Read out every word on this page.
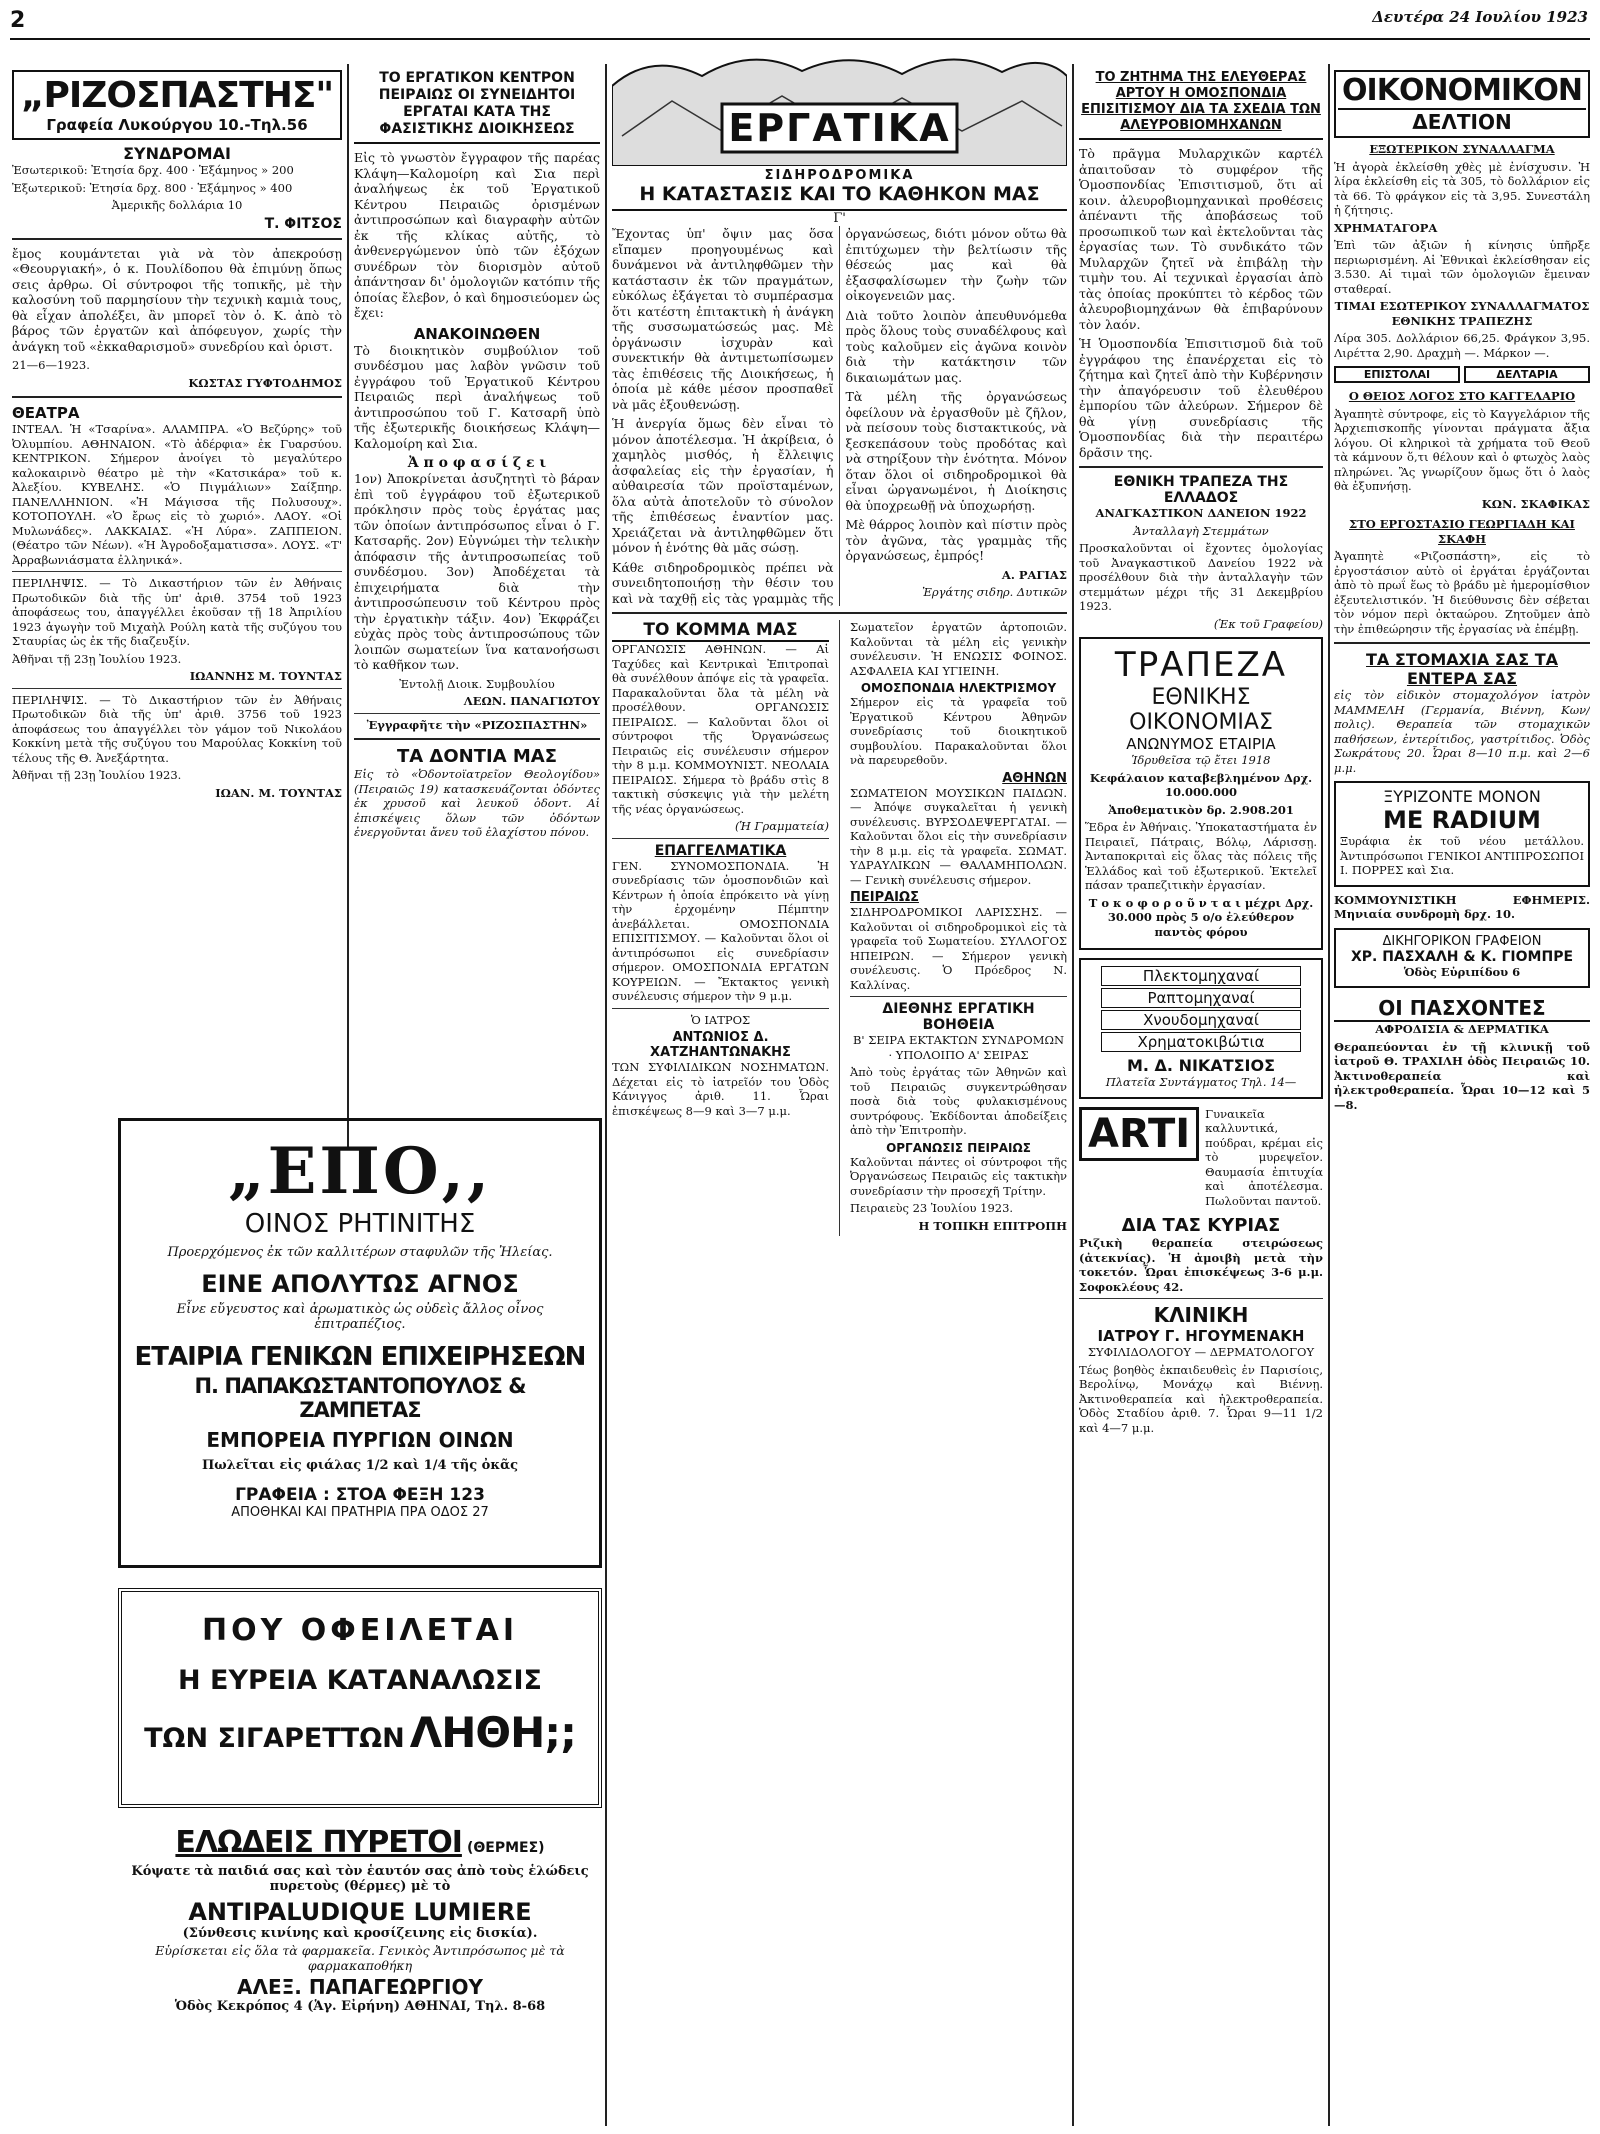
2	Δευτέρα 24 Ιουλίου 1923
„ΡΙΖΟΣΠΑΣΤΗΣ"
Γραφεία Λυκούργου 10.-Τηλ.56
ΣΥΝΔΡΟΜΑΙ
Ἐσωτερικοῦ: Ἐτησία δρχ. 400 · Ἑξάμηνος » 200
Ἐξωτερικοῦ: Ἐτησία δρχ. 800 · Ἑξάμηνος » 400
Ἀμερικῆς δολλάρια 10
Τ. ΦΙΤΣΟΣ

ἔμος κουμάντεται γιὰ νὰ τὸν ἀπεκρούσῃ «Θεουργιακή», ὁ κ. Πουλίδοπου θὰ ἐπιμύνῃ ὅπως σεις ἀρθρω. Οἱ σύντροφοι τῆς τοπικῆς, μὲ τὴν καλοσύνη τοῦ παρμησίουν τὴν τεχνικὴ καμιὰ τους, θὰ εἶχαν ἀπολέξει, ἂν μπορεῖ τὸν ὁ. Κ. ἀπὸ τὸ βάρος τῶν ἐργατῶν καὶ ἀπόφευγον, χωρίς τὴν ἀνάγκη τοῦ «ἐκκαθαρισμοῦ» συνεδρίου καὶ ὁριστ.

21—6—1923.
ΚΩΣΤΑΣ ΓΥΦΤΟΔΗΜΟΣ
ΘΕΑΤΡΑ

ΙΝΤΕΑΛ. Ἡ «Τσαρίνα». ΑΛΑΜΠΡΑ. «Ὁ Βεζύρης» τοῦ Ὀλυμπίου. ΑΘΗΝΑΙΟΝ. «Τὸ ἀδέρφια» ἐκ Γυαρσύου. ΚΕΝΤΡΙΚΟΝ. Σήμερον ἀνοίγει τὸ μεγαλύτερο καλοκαιρινὸ θέατρο μὲ τὴν «Κατσικάρα» τοῦ κ. Ἀλεξίου. ΚΥΒΕΛΗΣ. «Ὁ Πιγμάλιων» Σαίξπηρ. ΠΑΝΕΛΛΗΝΙΟΝ. «Ἡ Μάγισσα τῆς Πολυσουχ». ΚΟΤΟΠΟΥΛΗ. «Ὁ ἔρως εἰς τὸ χωριό». ΛΑΟΥ. «Οἱ Μυλωνάδες». ΛΑΚΚΑΙΑΣ. «Ἡ Λύρα». ΖΑΠΠΕΙΟΝ. (Θέατρο τῶν Νέων). «Ἡ Ἀγροδοξαματισσα». ΛΟΥΣ. «Τ' Ἀρραβωνιάσματα ἐλληνικά».

ΠΕΡΙΛΗΨΙΣ. — Τὸ Δικαστήριον τῶν ἐν Ἀθήναις Πρωτοδικῶν διὰ τῆς ὑπ' ἀριθ. 3754 τοῦ 1923 ἀποφάσεως του, ἀπαγγέλλει ἑκοῦσαν τῇ 18 Ἀπριλίου 1923 ἀγωγὴν τοῦ Μιχαὴλ Ρούλη κατὰ τῆς συζύγου του Σταυρίας ὡς ἐκ τῆς διαζευξίν.

Ἀθῆναι τῇ 23ῃ Ἰουλίου 1923.
ΙΩΑΝΝΗΣ Μ. ΤΟΥΝΤΑΣ

ΠΕΡΙΛΗΨΙΣ. — Τὸ Δικαστήριον τῶν ἐν Ἀθήναις Πρωτοδικῶν διὰ τῆς ὑπ' ἀριθ. 3756 τοῦ 1923 ἀποφάσεως του ἀπαγγέλλει τὸν γάμον τοῦ Νικολάου Κοκκίνη μετὰ τῆς συζύγου του Μαρούλας Κοκκίνη τοῦ τέλους τῆς Θ. Ἀνεξάρτητα.

Ἀθῆναι τῇ 23ῃ Ἰουλίου 1923.
ΙΩΑΝ. Μ. ΤΟΥΝΤΑΣ
ΤΟ ΕΡΓΑΤΙΚΟΝ ΚΕΝΤΡΟΝ ΠΕΙΡΑΙΩΣ ΟΙ ΣΥΝΕΙΔΗΤΟΙ ΕΡΓΑΤΑΙ ΚΑΤΑ ΤΗΣ ΦΑΣΙΣΤΙΚΗΣ ΔΙΟΙΚΗΣΕΩΣ

Εἰς τὸ γνωστὸν ἔγγραφον τῆς παρέας Κλάψη—Καλομοίρη καὶ Σια περὶ ἀναλήψεως ἐκ τοῦ Ἐργατικοῦ Κέντρου Πειραιῶς ὁρισμένων ἀντιπροσώπων καὶ διαγραφὴν αὐτῶν ἐκ τῆς κλίκας αὐτῆς, τὸ ἀνθενεργώμενον ὑπὸ τῶν ἐξόχων συνέδρων τὸν διορισμὸν αὐτοῦ ἀπάντησαν δι' ὁμολογιῶν κατόπιν τῆς ὁποίας ἔλεβον, ὁ καὶ δημοσιεύομεν ὡς ἔχει:

ΑΝΑΚΟΙΝΩΘΕΝ

Τὸ διοικητικὸν συμβούλιον τοῦ συνδέσμου μας λαβὸν γνῶσιν τοῦ ἐγγράφου τοῦ Ἐργατικοῦ Κέντρου Πειραιῶς περὶ ἀναλήψεως τοῦ ἀντιπροσώπου τοῦ Γ. Κατσαρῆ ὑπὸ τῆς ἐξωτερικῆς διοικήσεως Κλάψη—Καλομοίρη καὶ Σια.

Ἀ π ο φ α σ ί ζ ε ι

1ον) Ἀποκρίνεται ἀσυζητητὶ τὸ βάραν ἐπὶ τοῦ ἐγγράφου τοῦ ἐξωτερικοῦ πρόκλησιν πρὸς τοὺς ἐργάτας μας τῶν ὁποίων ἀντιπρόσωπος εἶναι ὁ Γ. Κατσαρῆς. 2ον) Εὐγνώμει τὴν τελικὴν ἀπόφασιν τῆς ἀντιπροσωπείας τοῦ συνδέσμου. 3ον) Ἀποδέχεται τὰ ἐπιχειρήματα διὰ τὴν ἀντιπροσώπευσιν τοῦ Κέντρου πρὸς τὴν ἐργατικὴν τάξιν. 4ον) Ἐκφράζει εὐχὰς πρὸς τοὺς ἀντιπροσώπους τῶν λοιπῶν σωματείων ἵνα κατανοήσωσι τὸ καθῆκον των.

Ἐντολῇ Διοικ. Συμβουλίου
ΛΕΩΝ. ΠΑΝΑΓΙΩΤΟΥ
Ἐγγραφῆτε τὴν «ΡΙΖΟΣΠΑΣΤΗΝ»
ΤΑ ΔΟΝΤΙΑ ΜΑΣ

Εἰς τὸ «Ὀδοντοϊατρεῖον Θεολογίδου» (Πειραιῶς 19) κατασκευάζονται ὀδόντες ἐκ χρυσοῦ καὶ λευκοῦ ὀδοντ. Αἱ ἐπισκέψεις ὅλων τῶν ὀδόντων ἐνεργοῦνται ἄνευ τοῦ ἐλαχίστου πόνου.

„ΕΠΟ,,
ΟΙΝΟΣ ΡΗΤΙΝΙΤΗΣ
Προερχόμενος ἐκ τῶν καλλιτέρων σταφυλῶν τῆς Ἠλείας.
ΕΙΝΕ ΑΠΟΛΥΤΩΣ ΑΓΝΟΣ
Εἶνε εὔγευστος καὶ ἀρωματικὸς ὡς οὐδεὶς ἄλλος οἶνος ἐπιτραπέζιος.
ΕΤΑΙΡΙΑ ΓΕΝΙΚΩΝ ΕΠΙΧΕΙΡΗΣΕΩΝ
Π. ΠΑΠΑΚΩΣΤΑΝΤΟΠΟΥΛΟΣ & ΖΑΜΠΕΤΑΣ
ΕΜΠΟΡΕΙΑ ΠΥΡΓΙΩΝ ΟΙΝΩΝ
Πωλεῖται εἰς φιάλας 1/2 καὶ 1/4 τῆς ὀκᾶς
ΓΡΑΦΕΙΑ : ΣΤΟΑ ΦΕΞΗ 123
ΑΠΟΘΗΚΑΙ ΚΑΙ ΠΡΑΤΗΡΙΑ ΠΡΑ ΟΔΟΣ 27
ΠΟΥ ΟΦΕΙΛΕΤΑΙ
Η ΕΥΡΕΙΑ ΚΑΤΑΝΑΛΩΣΙΣ
ΤΩΝ ΣΙΓΑΡΕΤΤΩΝ ΛΗΘΗ;;
ΕΛΩΔΕΙΣ ΠΥΡΕΤΟΙ (ΘΕΡΜΕΣ)
Κόψατε τὰ παιδιά σας καὶ τὸν ἑαυτόν σας ἀπὸ τοὺς ἑλώδεις πυρετοὺς (θέρμες) μὲ τὸ
ANTIPALUDIQUE LUMIERE
(Σύνθεσις κινίνης καὶ κροσίζεινης εἰς δισκία).
Εὑρίσκεται εἰς ὅλα τὰ φαρμακεῖα. Γενικὸς Ἀντιπρόσωπος μὲ τὰ φαρμακαποθήκη
ΑΛΕΞ. ΠΑΠΑΓΕΩΡΓΙΟΥ
Ὁδὸς Κεκρόπος 4 (Ἁγ. Εἰρήνη) ΑΘΗΝΑΙ, Τηλ. 8-68
ΕΡΓΑΤΙΚΑ
ΣΙΔΗΡΟΔΡΟΜΙΚΑ
Η ΚΑΤΑΣΤΑΣΙΣ ΚΑΙ ΤΟ ΚΑΘΗΚΟΝ ΜΑΣ
Γ'

Ἔχοντας ὑπ' ὄψιν μας ὅσα εἴπαμεν προηγουμένως καὶ δυνάμενοι νὰ ἀντιληφθῶμεν τὴν κατάστασιν ἐκ τῶν πραγμάτων, εὐκόλως ἐξάγεται τὸ συμπέρασμα ὅτι κατέστη ἐπιτακτικὴ ἡ ἀνάγκη τῆς συσσωματώσεώς μας. Μὲ ὀργάνωσιν ἰσχυρὰν καὶ συνεκτικήν θὰ ἀντιμετωπίσωμεν τὰς ἐπιθέσεις τῆς Διοικήσεως, ἡ ὁποία μὲ κάθε μέσον προσπαθεῖ νὰ μᾶς ἐξουθενώσῃ.

Ἡ ἀνεργία ὅμως δὲν εἶναι τὸ μόνον ἀποτέλεσμα. Ἡ ἀκρίβεια, ὁ χαμηλὸς μισθός, ἡ ἔλλειψις ἀσφαλείας εἰς τὴν ἐργασίαν, ἡ αὐθαιρεσία τῶν προϊσταμένων, ὅλα αὐτὰ ἀποτελοῦν τὸ σύνολον τῆς ἐπιθέσεως ἐναντίον μας. Χρειάζεται νὰ ἀντιληφθῶμεν ὅτι μόνον ἡ ἑνότης θὰ μᾶς σώσῃ.

Κάθε σιδηροδρομικὸς πρέπει νὰ συνειδητοποιήσῃ τὴν θέσιν του καὶ νὰ ταχθῇ εἰς τὰς γραμμὰς τῆς ὀργανώσεως, διότι μόνον οὕτω θὰ ἐπιτύχωμεν τὴν βελτίωσιν τῆς θέσεώς μας καὶ θὰ ἐξασφαλίσωμεν τὴν ζωὴν τῶν οἰκογενειῶν μας.

Διὰ τοῦτο λοιπὸν ἀπευθυνόμεθα πρὸς ὅλους τοὺς συναδέλφους καὶ τοὺς καλοῦμεν εἰς ἀγῶνα κοινὸν διὰ τὴν κατάκτησιν τῶν δικαιωμάτων μας.

Τὰ μέλη τῆς ὀργανώσεως ὀφείλουν νὰ ἐργασθοῦν μὲ ζῆλον, νὰ πείσουν τοὺς διστακτικούς, νὰ ξεσκεπάσουν τοὺς προδότας καὶ νὰ στηρίξουν τὴν ἑνότητα. Μόνον ὅταν ὅλοι οἱ σιδηροδρομικοὶ θὰ εἶναι ὠργανωμένοι, ἡ Διοίκησις θὰ ὑποχρεωθῇ νὰ ὑποχωρήσῃ.

Μὲ θάρρος λοιπὸν καὶ πίστιν πρὸς τὸν ἀγῶνα, τὰς γραμμὰς τῆς ὀργανώσεως, ἐμπρός!

Α. ΡΑΓΙΑΣ
Ἐργάτης σιδηρ. Δυτικῶν
ΤΟ ΚΟΜΜΑ ΜΑΣ

ΟΡΓΑΝΩΣΙΣ ΑΘΗΝΩΝ. — Αἱ Ταχύδες καὶ Κεντρικαὶ Ἐπιτροπαὶ θὰ συνέλθουν ἀπόψε εἰς τὰ γραφεῖα. Παρακαλοῦνται ὅλα τὰ μέλη νὰ προσέλθουν. ΟΡΓΑΝΩΣΙΣ ΠΕΙΡΑΙΩΣ. — Καλοῦνται ὅλοι οἱ σύντροφοι τῆς Ὀργανώσεως Πειραιῶς εἰς συνέλευσιν σήμερον τὴν 8 μ.μ. ΚΟΜΜΟΥΝΙΣΤ. ΝΕΟΛΑΙΑ ΠΕΙΡΑΙΩΣ. Σήμερα τὸ βράδυ στὶς 8 τακτικὴ σύσκεψις γιὰ τὴν μελέτη τῆς νέας ὀργανώσεως.

(Ἡ Γραμματεία)
ΕΠΑΓΓΕΛΜΑΤΙΚΑ

ΓΕΝ. ΣΥΝΟΜΟΣΠΟΝΔΙΑ. Ἡ συνεδρίασις τῶν ὁμοσπονδιῶν καὶ Κέντρων ἡ ὁποία ἐπρόκειτο νὰ γίνῃ τὴν ἐρχομένην Πέμπτην ἀνεβάλλεται. ΟΜΟΣΠΟΝΔΙΑ ΕΠΙΣΙΤΙΣΜΟΥ. — Καλοῦνται ὅλοι οἱ ἀντιπρόσωποι εἰς συνεδρίασιν σήμερον. ΟΜΟΣΠΟΝΔΙΑ ΕΡΓΑΤΩΝ ΚΟΥΡΕΙΩΝ. — Ἔκτακτος γενικὴ συνέλευσις σήμερον τὴν 9 μ.μ.

Ὁ ΙΑΤΡΟΣ
ΑΝΤΩΝΙΟΣ Δ. ΧΑΤΖΗΑΝΤΩΝΑΚΗΣ

ΤΩΝ ΣΥΦΙΛΙΔΙΚΩΝ ΝΟΣΗΜΑΤΩΝ. Δέχεται εἰς τὸ ἰατρεῖόν του Ὁδὸς Κάνιγγος ἀριθ. 11. Ὧραι ἐπισκέψεως 8—9 καὶ 3—7 μ.μ.

Σωματεῖον ἐργατῶν ἀρτοποιῶν. Καλοῦνται τὰ μέλη εἰς γενικὴν συνέλευσιν. Ἡ ΕΝΩΣΙΣ ΦΟΙΝΟΣ. ΑΣΦΑΛΕΙΑ ΚΑΙ ΥΓΙΕΙΝΗ.

ΟΜΟΣΠΟΝΔΙΑ ΗΛΕΚΤΡΙΣΜΟΥ

Σήμερον εἰς τὰ γραφεῖα τοῦ Ἐργατικοῦ Κέντρου Ἀθηνῶν συνεδρίασις τοῦ διοικητικοῦ συμβουλίου. Παρακαλοῦνται ὅλοι νὰ παρευρεθοῦν.

ΑΘΗΝΩΝ

ΣΩΜΑΤΕΙΟΝ ΜΟΥΣΙΚΩΝ ΠΑΙΔΩΝ. — Ἀπόψε συγκαλεῖται ἡ γενικὴ συνέλευσις. ΒΥΡΣΟΔΕΨΕΡΓΑΤΑΙ. — Καλοῦνται ὅλοι εἰς τὴν συνεδρίασιν τὴν 8 μ.μ. εἰς τὰ γραφεῖα. ΣΩΜΑΤ. ΥΔΡΑΥΛΙΚΩΝ — ΘΑΛΑΜΗΠΟΛΩΝ. — Γενικὴ συνέλευσις σήμερον.

ΠΕΙΡΑΙΩΣ

ΣΙΔΗΡΟΔΡΟΜΙΚΟΙ ΛΑΡΙΣΣΗΣ. — Καλοῦνται οἱ σιδηροδρομικοὶ εἰς τὰ γραφεῖα τοῦ Σωματείου. ΣΥΛΛΟΓΟΣ ΗΠΕΙΡΩΝ. — Σήμερον γενικὴ συνέλευσις. Ὁ Πρόεδρος Ν. Καλλίνας.

ΔΙΕΘΝΗΣ ΕΡΓΑΤΙΚΗ ΒΟΗΘΕΙΑ
Β' ΣΕΙΡΑ ΕΚΤΑΚΤΩΝ ΣΥΝΔΡΟΜΩΝ · ΥΠΟΛΟΙΠΟ Α' ΣΕΙΡΑΣ

Ἀπὸ τοὺς ἐργάτας τῶν Ἀθηνῶν καὶ τοῦ Πειραιῶς συγκεντρώθησαν ποσὰ διὰ τοὺς φυλακισμένους συντρόφους. Ἐκδίδονται ἀποδείξεις ἀπὸ τὴν Ἐπιτροπὴν.

ΟΡΓΑΝΩΣΙΣ ΠΕΙΡΑΙΩΣ

Καλοῦνται πάντες οἱ σύντροφοι τῆς Ὀργανώσεως Πειραιῶς εἰς τακτικὴν συνεδρίασιν τὴν προσεχῆ Τρίτην.

Πειραιεὺς 23 Ἰουλίου 1923.
Η ΤΟΠΙΚΗ ΕΠΙΤΡΟΠΗ
ΤΟ ΖΗΤΗΜΑ ΤΗΣ ΕΛΕΥΘΕΡΑΣ ΑΡΤΟΥ Η ΟΜΟΣΠΟΝΔΙΑ ΕΠΙΣΙΤΙΣΜΟΥ ΔΙΑ ΤΑ ΣΧΕΔΙΑ ΤΩΝ ΑΛΕΥΡΟΒΙΟΜΗΧΑΝΩΝ

Τὸ πρᾶγμα Μυλαρχικῶν καρτέλ ἀπαιτοῦσαν τὸ συμφέρον τῆς Ὁμοσπονδίας Ἐπισιτισμοῦ, ὅτι αἱ κοιν. ἀλευροβιομηχανικαὶ προθέσεις ἀπέναντι τῆς ἀποβάσεως τοῦ προσωπικοῦ των καὶ ἐκτελοῦνται τὰς ἐργασίας των. Τὸ συνδικάτο τῶν Μυλαρχῶν ζητεῖ νὰ ἐπιβάλῃ τὴν τιμὴν του. Αἱ τεχνικαὶ ἐργασίαι ἀπὸ τὰς ὁποίας προκύπτει τὸ κέρδος τῶν ἀλευροβιομηχάνων θὰ ἐπιβαρύνουν τὸν λαόν.

Ἡ Ὁμοσπονδία Ἐπισιτισμοῦ διὰ τοῦ ἐγγράφου της ἐπανέρχεται εἰς τὸ ζήτημα καὶ ζητεῖ ἀπὸ τὴν Κυβέρνησιν τὴν ἀπαγόρευσιν τοῦ ἐλευθέρου ἐμπορίου τῶν ἀλεύρων. Σήμερον δὲ θὰ γίνῃ συνεδρίασις τῆς Ὁμοσπονδίας διὰ τὴν περαιτέρω δρᾶσιν της.

ΕΘΝΙΚΗ ΤΡΑΠΕΖΑ ΤΗΣ ΕΛΛΑΔΟΣ
ΑΝΑΓΚΑΣΤΙΚΟΝ ΔΑΝΕΙΟΝ 1922
Ἀνταλλαγὴ Στεμμάτων

Προσκαλοῦνται οἱ ἔχοντες ὁμολογίας τοῦ Ἀναγκαστικοῦ Δανείου 1922 νὰ προσέλθουν διὰ τὴν ἀνταλλαγὴν τῶν στεμμάτων μέχρι τῆς 31 Δεκεμβρίου 1923.

(Ἐκ τοῦ Γραφείου)
ΤΡΑΠΕΖΑ
ΕΘΝΙΚΗΣ ΟΙΚΟΝΟΜΙΑΣ
ΑΝΩΝΥΜΟΣ ΕΤΑΙΡΙΑ
Ἱδρυθεῖσα τῷ ἔτει 1918
Κεφάλαιον καταβεβλημένον Δρχ. 10.000.000
Ἀποθεματικὸν δρ. 2.908.201

Ἕδρα ἐν Ἀθήναις. Ὑποκαταστήματα ἐν Πειραιεῖ, Πάτραις, Βόλῳ, Λάρισσῃ. Ἀνταποκριταὶ εἰς ὅλας τὰς πόλεις τῆς Ἑλλάδος καὶ τοῦ ἐξωτερικοῦ. Ἐκτελεῖ πάσαν τραπεζιτικὴν ἐργασίαν.

Τ ο κ ο φ ο ρ ο ῦ ν τ α ι μέχρι Δρχ. 30.000 πρὸς 5 ο/ο ἐλεύθερον παντὸς φόρου
Πλεκτομηχαναί
Ραπτομηχαναί
Χνουδομηχαναί
Χρηματοκιβώτια
Μ. Δ. ΝΙΚΑΤΣΙΟΣ
Πλατεῖα Συντάγματος Τηλ. 14—
ARTI	Γυναικεῖα καλλυντικά, πούδραι, κρέμαι εἰς τὸ μυρεψεῖον. Θαυμασία ἐπιτυχία καὶ ἀποτέλεσμα. Πωλοῦνται παντοῦ.

ΔΙΑ ΤΑΣ ΚΥΡΙΑΣ

Ριζικὴ θεραπεία στειρώσεως (ἀτεκνίας). Ἡ ἀμοιβὴ μετὰ τὴν τοκετόν. Ὧραι ἐπισκέψεως 3-6 μ.μ. Σοφοκλέους 42.

ΚΛΙΝΙΚΗ
ΙΑΤΡΟΥ Γ. ΗΓΟΥΜΕΝΑΚΗ
ΣΥΦΙΛΙΔΟΛΟΓΟΥ — ΔΕΡΜΑΤΟΛΟΓΟΥ

Τέως βοηθὸς ἐκπαιδευθεὶς ἐν Παρισίοις, Βερολίνῳ, Μονάχῳ καὶ Βιέννῃ. Ἀκτινοθεραπεία καὶ ἠλεκτροθεραπεία. Ὁδὸς Σταδίου ἀριθ. 7. Ὧραι 9—11 1/2 καὶ 4—7 μ.μ.

ΟΙΚΟΝΟΜΙΚΟΝ
ΔΕΛΤΙΟΝ
ΕΞΩΤΕΡΙΚΟΝ ΣΥΝΑΛΛΑΓΜΑ

Ἡ ἀγορὰ ἐκλείσθη χθὲς μὲ ἐνίσχυσιν. Ἡ λίρα ἐκλείσθη εἰς τὰ 305, τὸ δολλάριον εἰς τὰ 66. Τὸ φράγκον εἰς τὰ 3,95. Συνεστάλη ἡ ζήτησις.

ΧΡΗΜΑΤΑΓΟΡΑ

Ἐπὶ τῶν ἀξιῶν ἡ κίνησις ὑπῆρξε περιωρισμένη. Αἱ Ἐθνικαὶ ἐκλείσθησαν εἰς 3.530. Αἱ τιμαὶ τῶν ὁμολογιῶν ἔμειναν σταθεραί.

ΤΙΜΑΙ ΕΣΩΤΕΡΙΚΟΥ ΣΥΝΑΛΛΑΓΜΑΤΟΣ ΕΘΝΙΚΗΣ ΤΡΑΠΕΖΗΣ

Λίρα 305. Δολλάριον 66,25. Φράγκον 3,95. Λιρέττα 2,90. Δραχμὴ —. Μάρκον —.

ΕΠΙΣΤΟΛΑΙ	ΔΕΛΤΑΡΙΑ
Ο ΘΕΙΟΣ ΛΟΓΟΣ ΣΤΟ ΚΑΓΓΕΛΑΡΙΟ

Ἀγαπητὲ σύντροφε, εἰς τὸ Καγγελάριον τῆς Ἀρχιεπισκοπῆς γίνονται πράγματα ἄξια λόγου. Οἱ κληρικοὶ τὰ χρήματα τοῦ Θεοῦ τὰ κάμνουν ὅ,τι θέλουν καὶ ὁ φτωχὸς λαὸς πληρώνει. Ἂς γνωρίζουν ὅμως ὅτι ὁ λαὸς θὰ ἐξυπνήσῃ.

ΚΩΝ. ΣΚΑΦΙΚΑΣ
ΣΤΟ ΕΡΓΟΣΤΑΣΙΟ ΓΕΩΡΓΙΑΔΗ ΚΑΙ ΣΚΑΦΗ

Ἀγαπητὲ «Ριζοσπάστη», εἰς τὸ ἐργοστάσιον αὐτὸ οἱ ἐργάται ἐργάζονται ἀπὸ τὸ πρωΐ ἕως τὸ βράδυ μὲ ἡμερομίσθιον ἐξευτελιστικόν. Ἡ διεύθυνσις δὲν σέβεται τὸν νόμον περὶ ὀκταώρου. Ζητοῦμεν ἀπὸ τὴν ἐπιθεώρησιν τῆς ἐργασίας νὰ ἐπέμβῃ.

ΤΑ ΣΤΟΜΑΧΙΑ ΣΑΣ ΤΑ ΕΝΤΕΡΑ ΣΑΣ

εἰς τὸν εἰδικὸν στομαχολόγον ἰατρὸν ΜΑΜΜΕΛΗ (Γερμανία, Βιέννη, Κων/πολις). Θεραπεία τῶν στομαχικῶν παθήσεων, ἐντερίτιδος, γαστρίτιδος. Ὁδὸς Σωκράτους 20. Ὧραι 8—10 π.μ. καὶ 2—6 μ.μ.

ΞΥΡΙΖΟΝΤΕ ΜΟΝΟΝ
ME RADIUM

Ξυράφια ἐκ τοῦ νέου μετάλλου. Ἀντιπρόσωποι ΓΕΝΙΚΟΙ ΑΝΤΙΠΡΟΣΩΠΟΙ Ι. ΠΟΡΡΕΣ καὶ Σια.

ΚΟΜΜΟΥΝΙΣΤΙΚΗ ΕΦΗΜΕΡΙΣ. Μηνιαία συνδρομὴ δρχ. 10.

ΔΙΚΗΓΟΡΙΚΟΝ ΓΡΑΦΕΙΟΝ
ΧΡ. ΠΑΣΧΑΛΗ & Κ. ΓΙΟΜΠΡΕ
Ὁδὸς Εὐριπίδου 6
ΟΙ ΠΑΣΧΟΝΤΕΣ
ΑΦΡΟΔΙΣΙΑ & ΔΕΡΜΑΤΙΚΑ

Θεραπεύονται ἐν τῇ κλινικῇ τοῦ ἰατροῦ Θ. ΤΡΑΧΙΛΗ ὁδὸς Πειραιῶς 10. Ἀκτινοθεραπεία καὶ ἠλεκτροθεραπεία. Ὧραι 10—12 καὶ 5—8.
